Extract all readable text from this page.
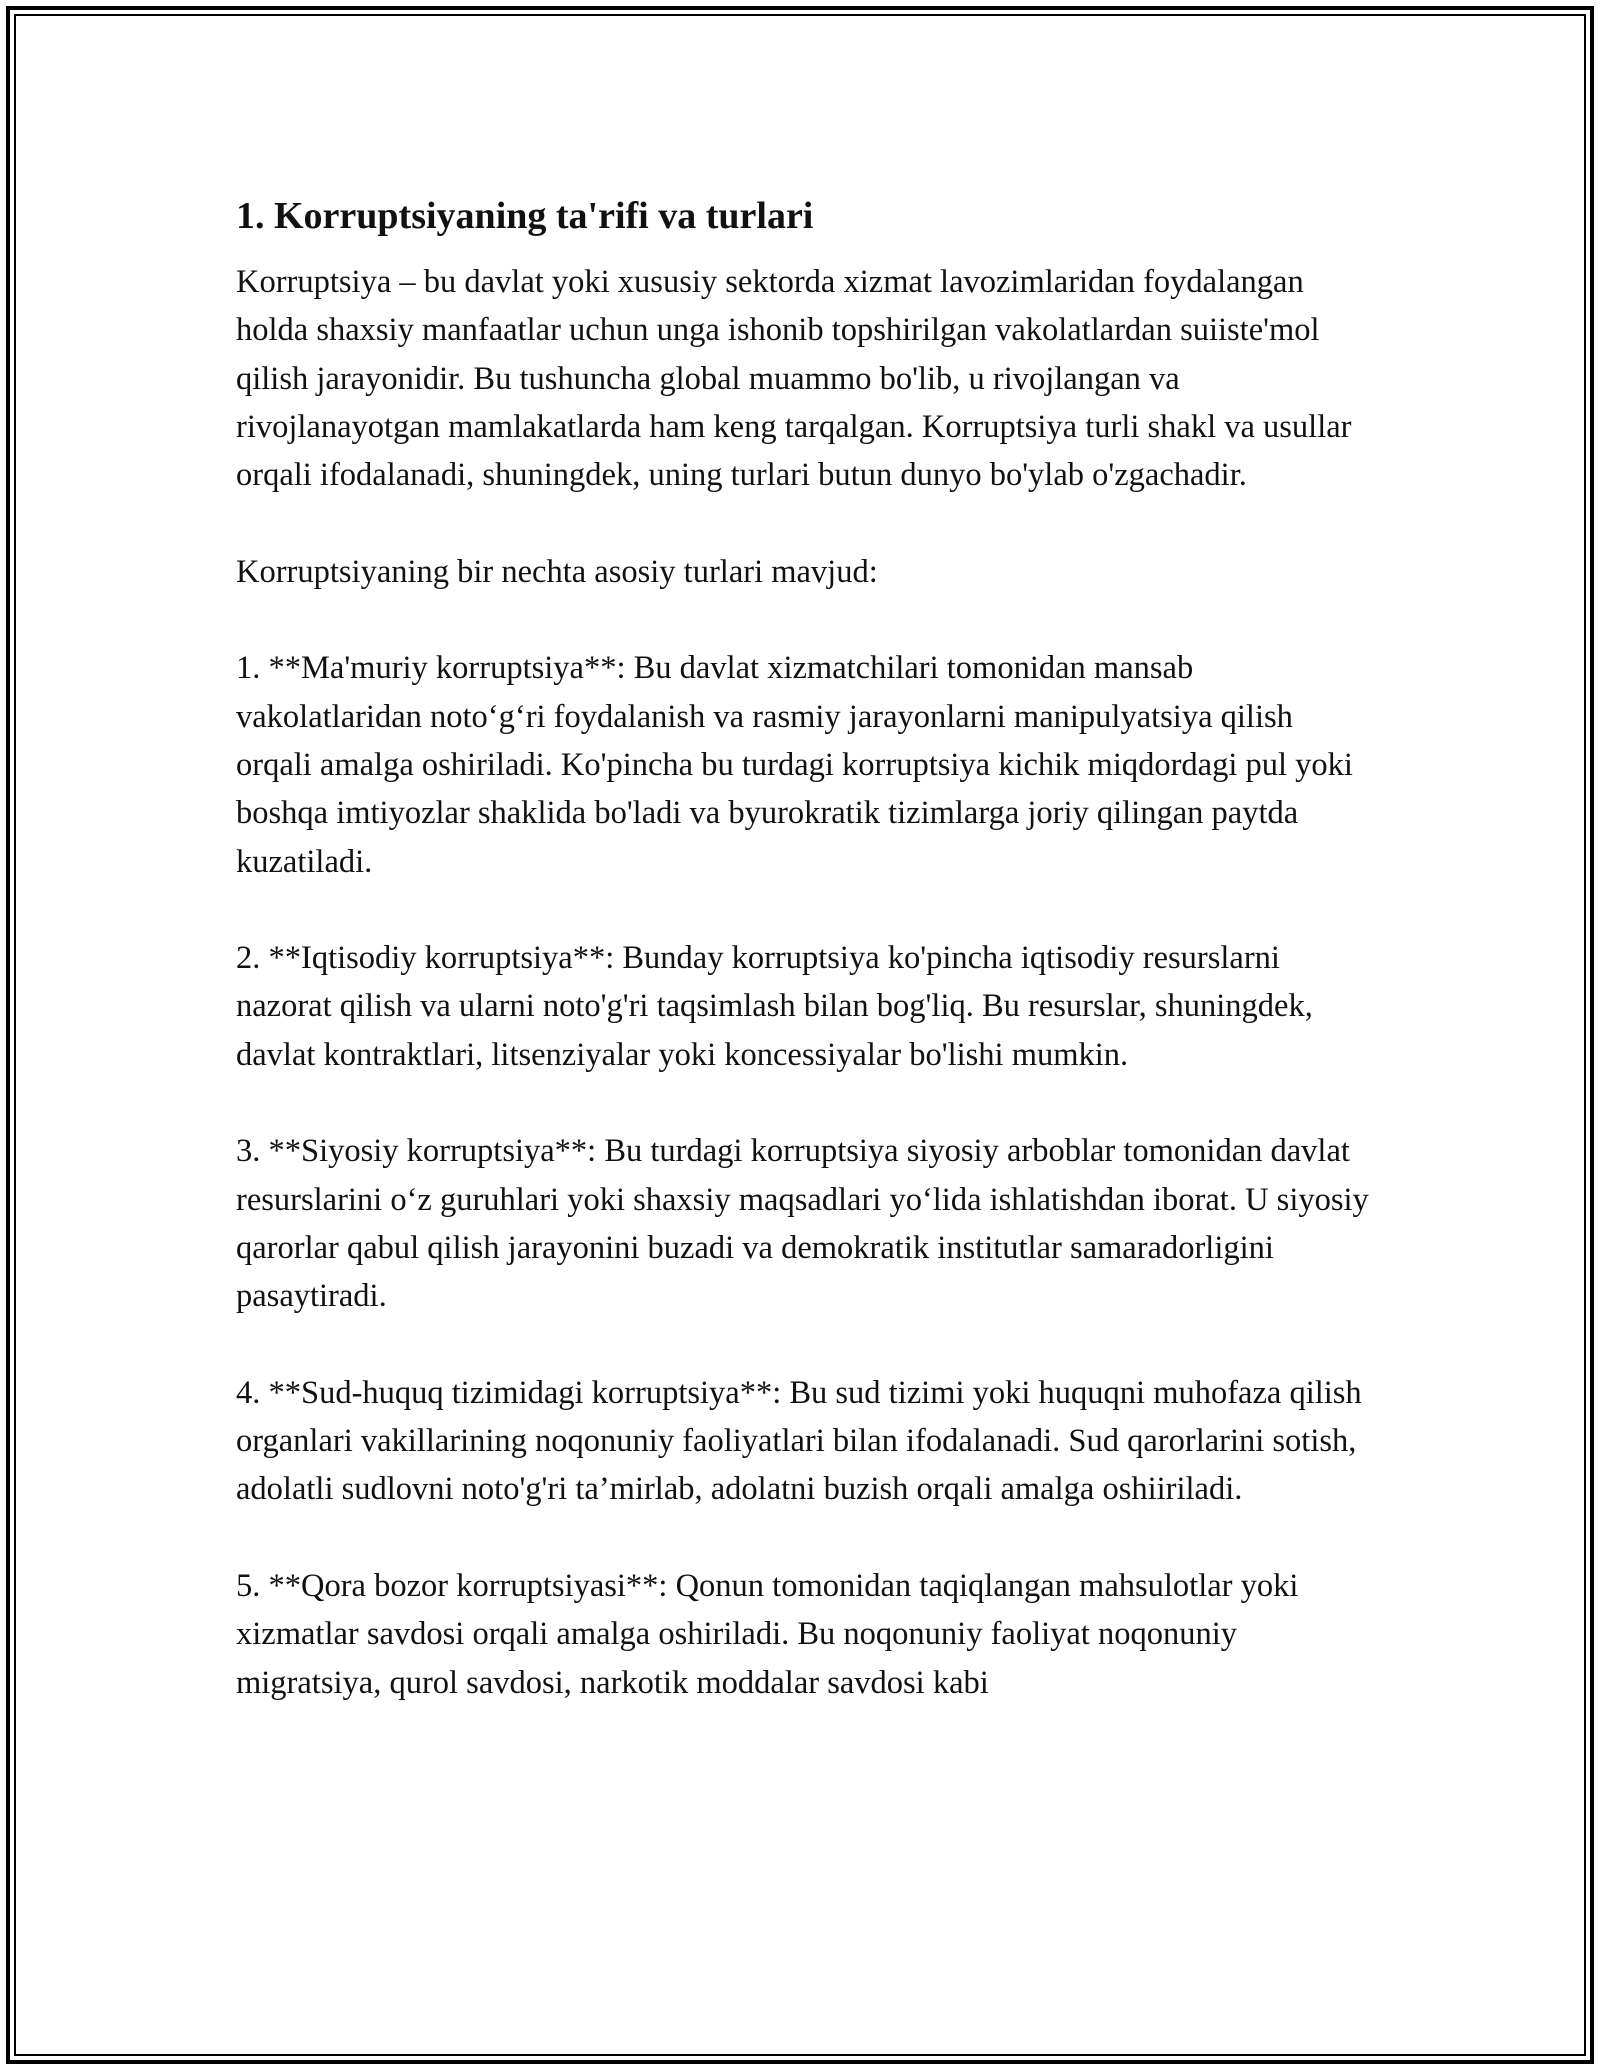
1. Korruptsiyaning ta'rifi va turlari

Korruptsiya – bu davlat yoki xususiy sektorda xizmat lavozimlaridan foydalangan holda shaxsiy manfaatlar uchun unga ishonib topshirilgan vakolatlardan suiiste'mol qilish jarayonidir. Bu tushuncha global muammo bo'lib, u rivojlangan va rivojlanayotgan mamlakatlarda ham keng tarqalgan. Korruptsiya turli shakl va usullar orqali ifodalanadi, shuningdek, uning turlari butun dunyo bo'ylab o'zgachadir.

Korruptsiyaning bir nechta asosiy turlari mavjud:

1. **Ma'muriy korruptsiya**: Bu davlat xizmatchilari tomonidan mansab vakolatlaridan noto‘g‘ri foydalanish va rasmiy jarayonlarni manipulyatsiya qilish orqali amalga oshiriladi. Ko'pincha bu turdagi korruptsiya kichik miqdordagi pul yoki boshqa imtiyozlar shaklida bo'ladi va byurokratik tizimlarga joriy qilingan paytda kuzatiladi.

2. **Iqtisodiy korruptsiya**: Bunday korruptsiya ko'pincha iqtisodiy resurslarni nazorat qilish va ularni noto'g'ri taqsimlash bilan bog'liq. Bu resurslar, shuningdek, davlat kontraktlari, litsenziyalar yoki koncessiyalar bo'lishi mumkin.

3. **Siyosiy korruptsiya**: Bu turdagi korruptsiya siyosiy arboblar tomonidan davlat resurslarini o‘z guruhlari yoki shaxsiy maqsadlari yo‘lida ishlatishdan iborat. U siyosiy qarorlar qabul qilish jarayonini buzadi va demokratik institutlar samaradorligini pasaytiradi.

4. **Sud-huquq tizimidagi korruptsiya**: Bu sud tizimi yoki huquqni muhofaza qilish organlari vakillarining noqonuniy faoliyatlari bilan ifodalanadi. Sud qarorlarini sotish, adolatli sudlovni noto'g'ri ta’mirlab, adolatni buzish orqali amalga oshiiriladi.

5. **Qora bozor korruptsiyasi**: Qonun tomonidan taqiqlangan mahsulotlar yoki xizmatlar savdosi orqali amalga oshiriladi. Bu noqonuniy faoliyat noqonuniy migratsiya, qurol savdosi, narkotik moddalar savdosi kabi
